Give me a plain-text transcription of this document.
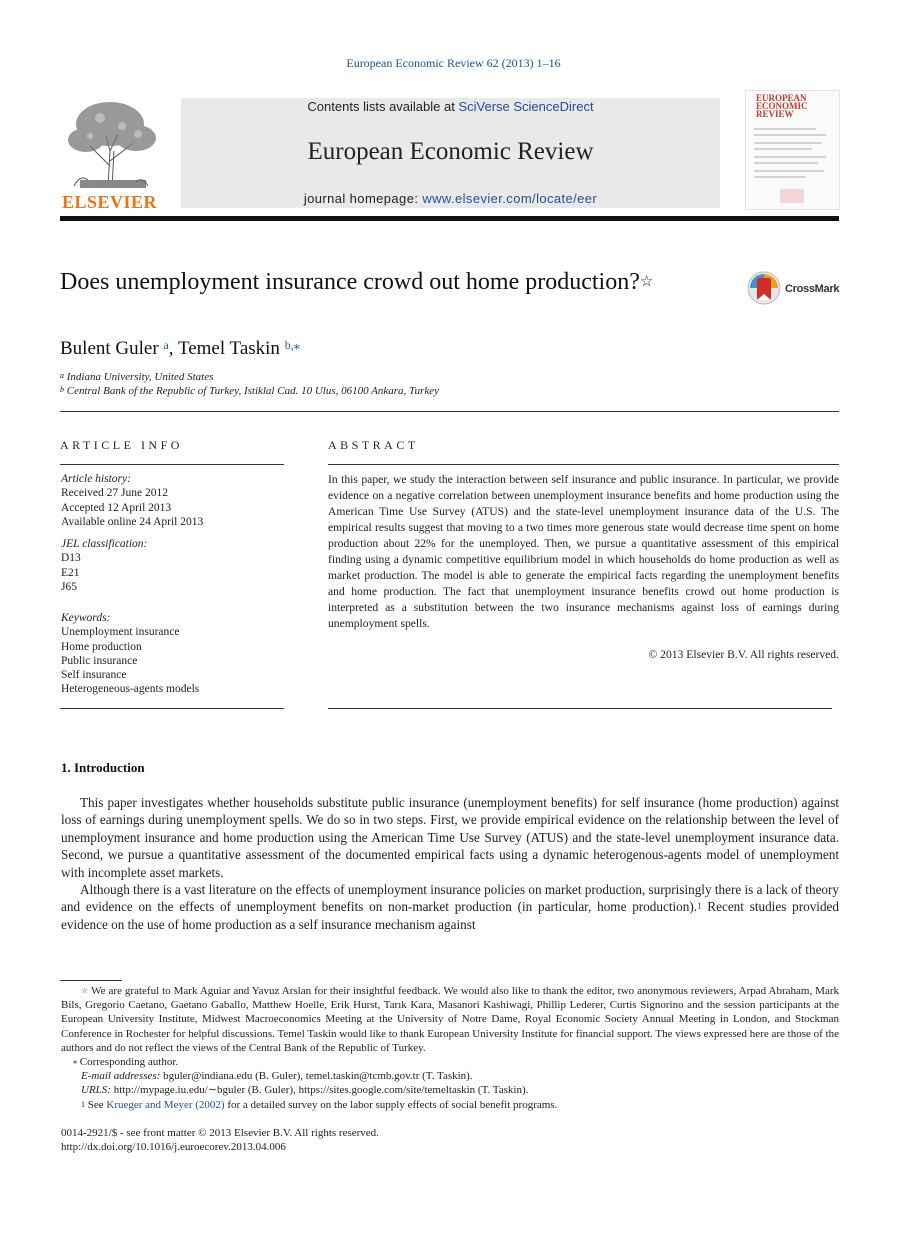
European Economic Review 62 (2013) 1–16
ELSEVIER
Contents lists available at SciVerse ScienceDirect
European Economic Review
journal homepage: www.elsevier.com/locate/eer
EUROPEAN
ECONOMIC
REVIEW
Does unemployment insurance crowd out home production?☆	CrossMark
Bulent Guler $^a$, Temel Taskin $^{b,⁎}$
$^a$ Indiana University, United States
$^b$ Central Bank of the Republic of Turkey, Istiklal Cad. 10 Ulus, 06100 Ankara, Turkey
ARTICLE INFO	ABSTRACT
Article history:
Received 27 June 2012
Accepted 12 April 2013
Available online 24 April 2013
JEL classification:
D13
E21
J65
Keywords:
Unemployment insurance
Home production
Public insurance
Self insurance
Heterogeneous-agents models
In this paper, we study the interaction between self insurance and public insurance. In particular, we provide evidence on a negative correlation between unemployment insurance benefits and home production using the American Time Use Survey (ATUS) and the state-level unemployment insurance data of the U.S. The empirical results suggest that moving to a two times more generous state would decrease time spent on home production about 22% for the unemployed. Then, we pursue a quantitative assessment of this empirical finding using a dynamic competitive equilibrium model in which households do home production as well as market production. The model is able to generate the empirical facts regarding the unemployment benefits and home production. The fact that unemployment insurance benefits crowd out home production is interpreted as a substitution between the two insurance mechanisms against loss of earnings during unemployment spells.
© 2013 Elsevier B.V. All rights reserved.
1. Introduction

This paper investigates whether households substitute public insurance (unemployment benefits) for self insurance (home production) against loss of earnings during unemployment spells. We do so in two steps. First, we provide empirical evidence on the relationship between the level of unemployment insurance and home production using the American Time Use Survey (ATUS) and the state-level unemployment insurance data. Second, we pursue a quantitative assessment of the documented empirical facts using a dynamic heterogenous-agents model of unemployment with incomplete asset markets.

Although there is a vast literature on the effects of unemployment insurance policies on market production, surprisingly there is a lack of theory and evidence on the effects of unemployment benefits on non-market production (in particular, home production).$^1$ Recent studies provided evidence on the use of home production as a self insurance mechanism against

☆ We are grateful to Mark Aguiar and Yavuz Arslan for their insightful feedback. We would also like to thank the editor, two anonymous reviewers, Arpad Abraham, Mark Bils, Gregorio Caetano, Gaetano Gaballo, Matthew Hoelle, Erik Hurst, Tarık Kara, Masanori Kashiwagi, Phillip Lederer, Curtis Signorino and the session participants at the European University Institute, Midwest Macroeconomics Meeting at the University of Notre Dame, Royal Economic Society Annual Meeting in London, and Stockman Conference in Rochester for helpful discussions. Temel Taskin would like to thank European University Institute for financial support. The views expressed here are those of the authors and do not reflect the views of the Central Bank of the Republic of Turkey.

⁎ Corresponding author.

E-mail addresses: bguler@indiana.edu (B. Guler), temel.taskin@tcmb.gov.tr (T. Taskin).

URLS: http://mypage.iu.edu/∼bguler (B. Guler), https://sites.google.com/site/temeltaskin (T. Taskin).

$^1$ See Krueger and Meyer (2002) for a detailed survey on the labor supply effects of social benefit programs.

0014-2921/$ - see front matter © 2013 Elsevier B.V. All rights reserved.
http://dx.doi.org/10.1016/j.euroecorev.2013.04.006
